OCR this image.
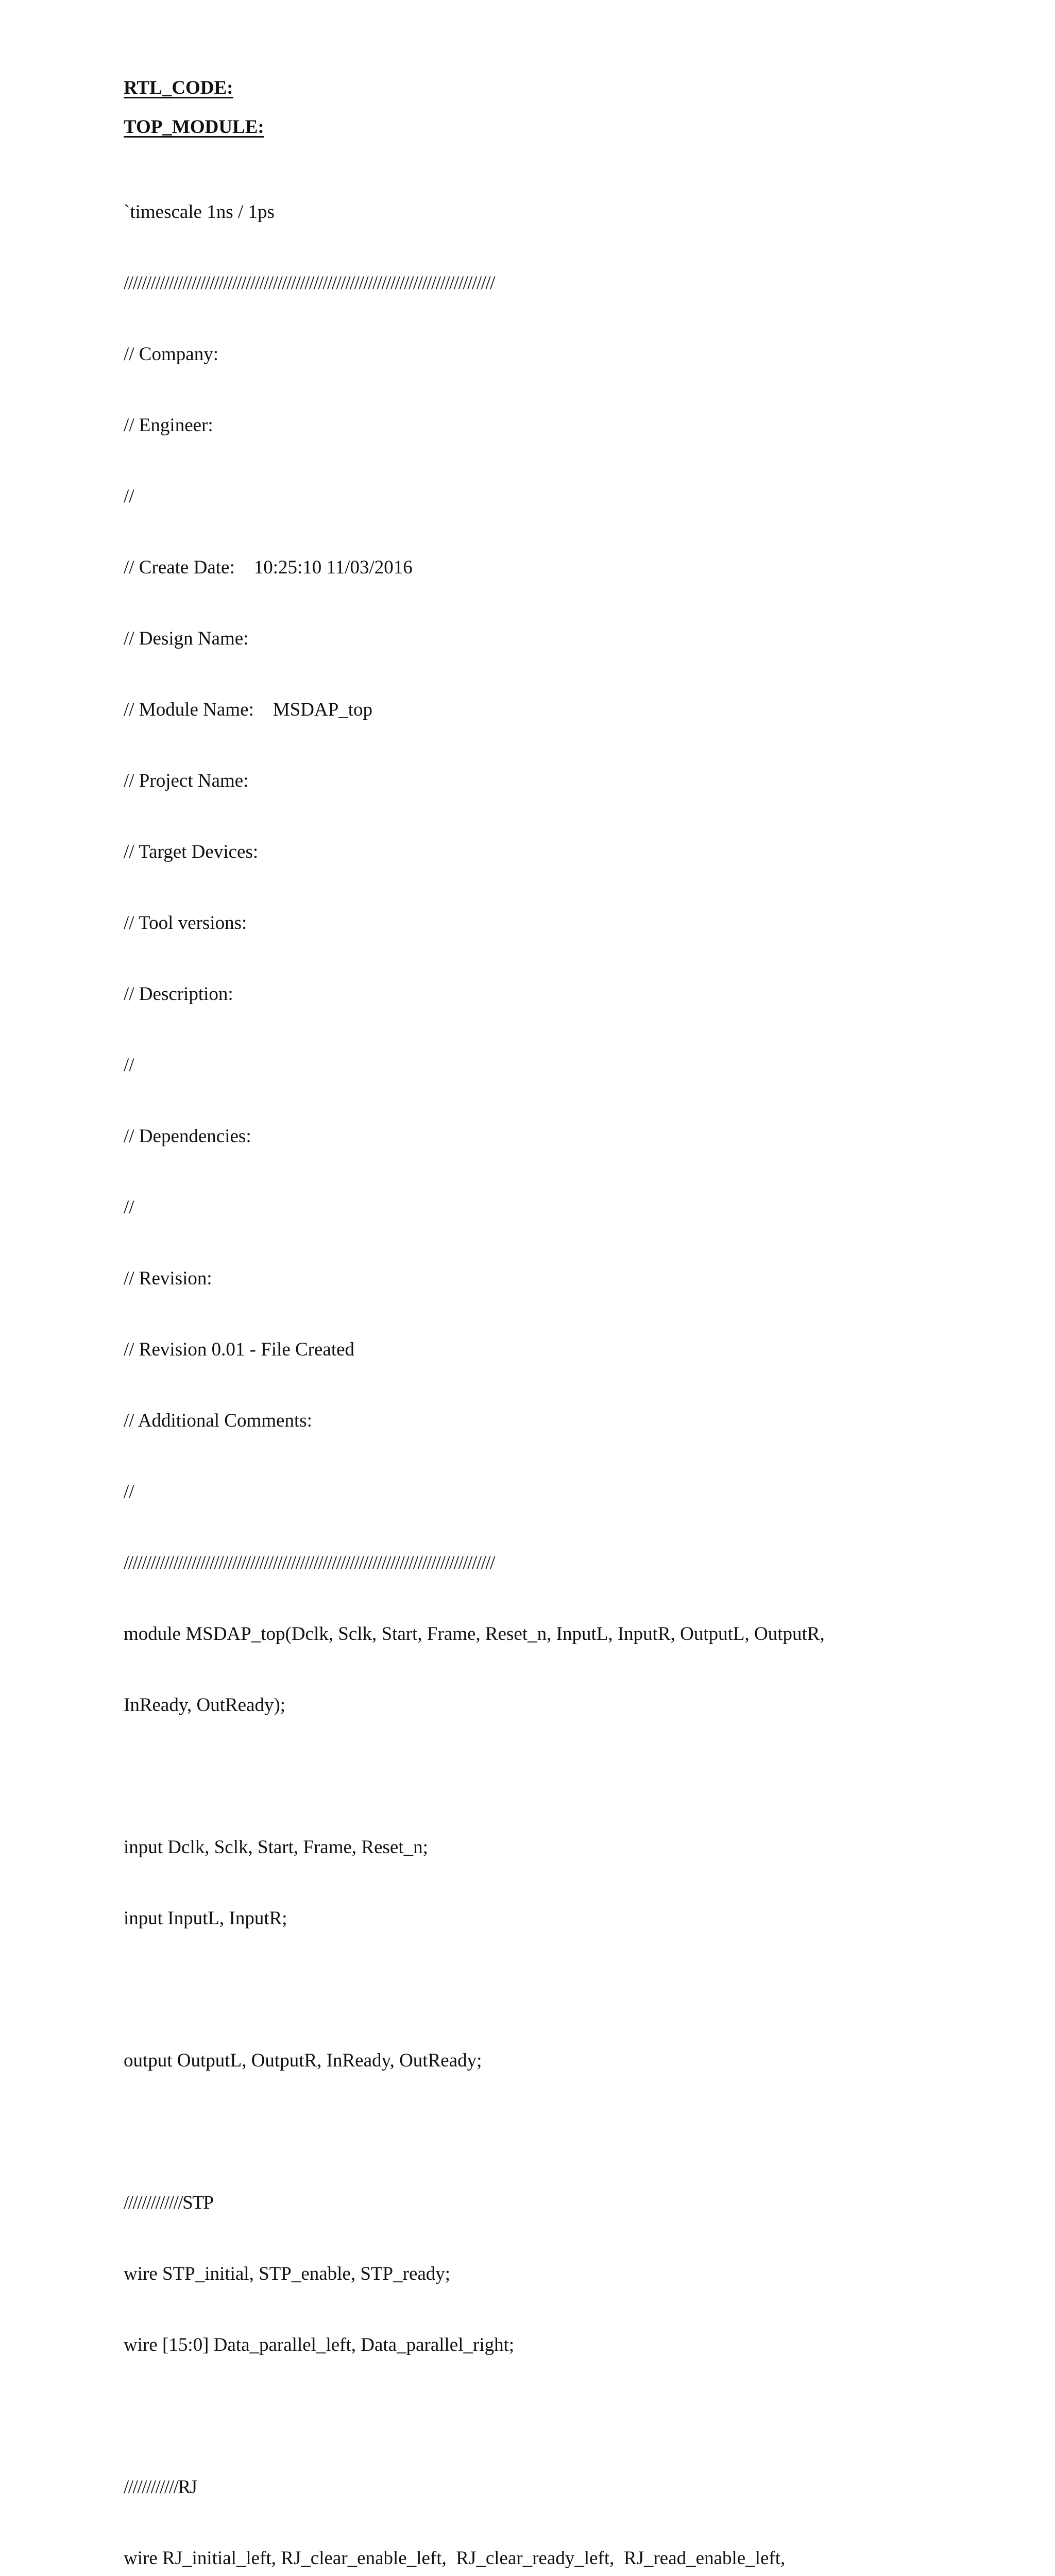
RTL_CODE:
TOP_MODULE:

`timescale 1ns / 1ps

//////////////////////////////////////////////////////////////////////////////////

// Company:

// Engineer:

//

// Create Date:    10:25:10 11/03/2016

// Design Name:

// Module Name:    MSDAP_top

// Project Name:

// Target Devices:

// Tool versions:

// Description:

//

// Dependencies:

//

// Revision:

// Revision 0.01 - File Created

// Additional Comments:

//

//////////////////////////////////////////////////////////////////////////////////

module MSDAP_top(Dclk, Sclk, Start, Frame, Reset_n, InputL, InputR, OutputL, OutputR,

InReady, OutReady);

input Dclk, Sclk, Start, Frame, Reset_n;

input InputL, InputR;

output OutputL, OutputR, InReady, OutReady;

/////////////STP

wire STP_initial, STP_enable, STP_ready;

wire [15:0] Data_parallel_left, Data_parallel_right;

////////////RJ

wire RJ_initial_left, RJ_clear_enable_left,  RJ_clear_ready_left,  RJ_read_enable_left,
